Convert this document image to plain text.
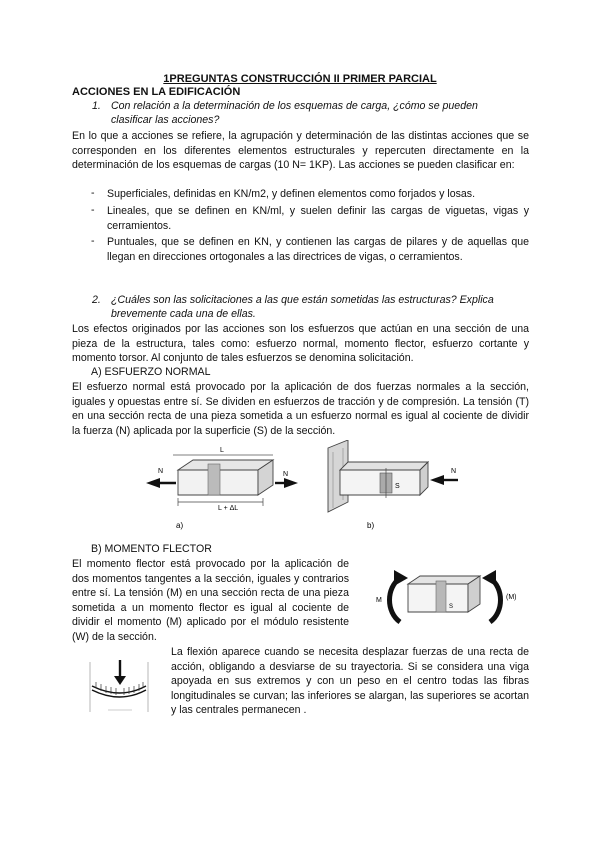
1PREGUNTAS CONSTRUCCIÓN II PRIMER PARCIAL
ACCIONES EN LA EDIFICACIÓN
1. Con relación a la determinación de los esquemas de carga, ¿cómo se pueden
clasificar las acciones?
En lo que a acciones se refiere, la agrupación y determinación de las distintas acciones que se corresponden en los diferentes elementos estructurales y repercuten directamente en la determinación de los esquemas de cargas (10 N= 1KP). Las acciones se pueden clasificar en:
- Superficiales, definidas en KN/m2, y definen elementos como forjados y losas.
- Lineales, que se definen en KN/ml, y suelen definir las cargas de viguetas, vigas y cerramientos.
- Puntuales, que se definen en KN, y contienen las cargas de pilares y de aquellas que llegan en direcciones ortogonales a las directrices de vigas, o cerramientos.
2. ¿Cuáles son las solicitaciones a las que están sometidas las estructuras? Explica
brevemente cada una de ellas.
Los efectos originados por las acciones son los esfuerzos que actúan en una sección de una pieza de la estructura, tales como: esfuerzo normal, momento flector, esfuerzo cortante y momento torsor. Al conjunto de tales esfuerzos se denomina solicitación.
A) ESFUERZO NORMAL
El esfuerzo normal está provocado por la aplicación de dos fuerzas normales a la sección, iguales y opuestas entre sí. Se dividen en esfuerzos de tracción y de compresión. La tensión (T) en una sección recta de una pieza sometida a un esfuerzo normal es igual al cociente de dividir la fuerza (N) aplicada por la superficie (S) de la sección.
N	N
L
L + ΔL
a)
S
N
b)
B) MOMENTO FLECTOR
El momento flector está provocado por la aplicación de dos momentos tangentes a la sección, iguales y contrarios entre sí. La tensión (M) en una sección recta de una pieza sometida a un momento flector es igual al cociente de dividir el momento (M) aplicado por el módulo resistente (W) de la sección.
M	(M)
S
La flexión aparece cuando se necesita desplazar fuerzas de una recta de acción, obligando a desviarse de su trayectoria. Si se considera una viga apoyada en sus extremos y con un peso en el centro todas las fibras longitudinales se curvan; las inferiores se alargan, las superiores se acortan y las centrales permanecen .
